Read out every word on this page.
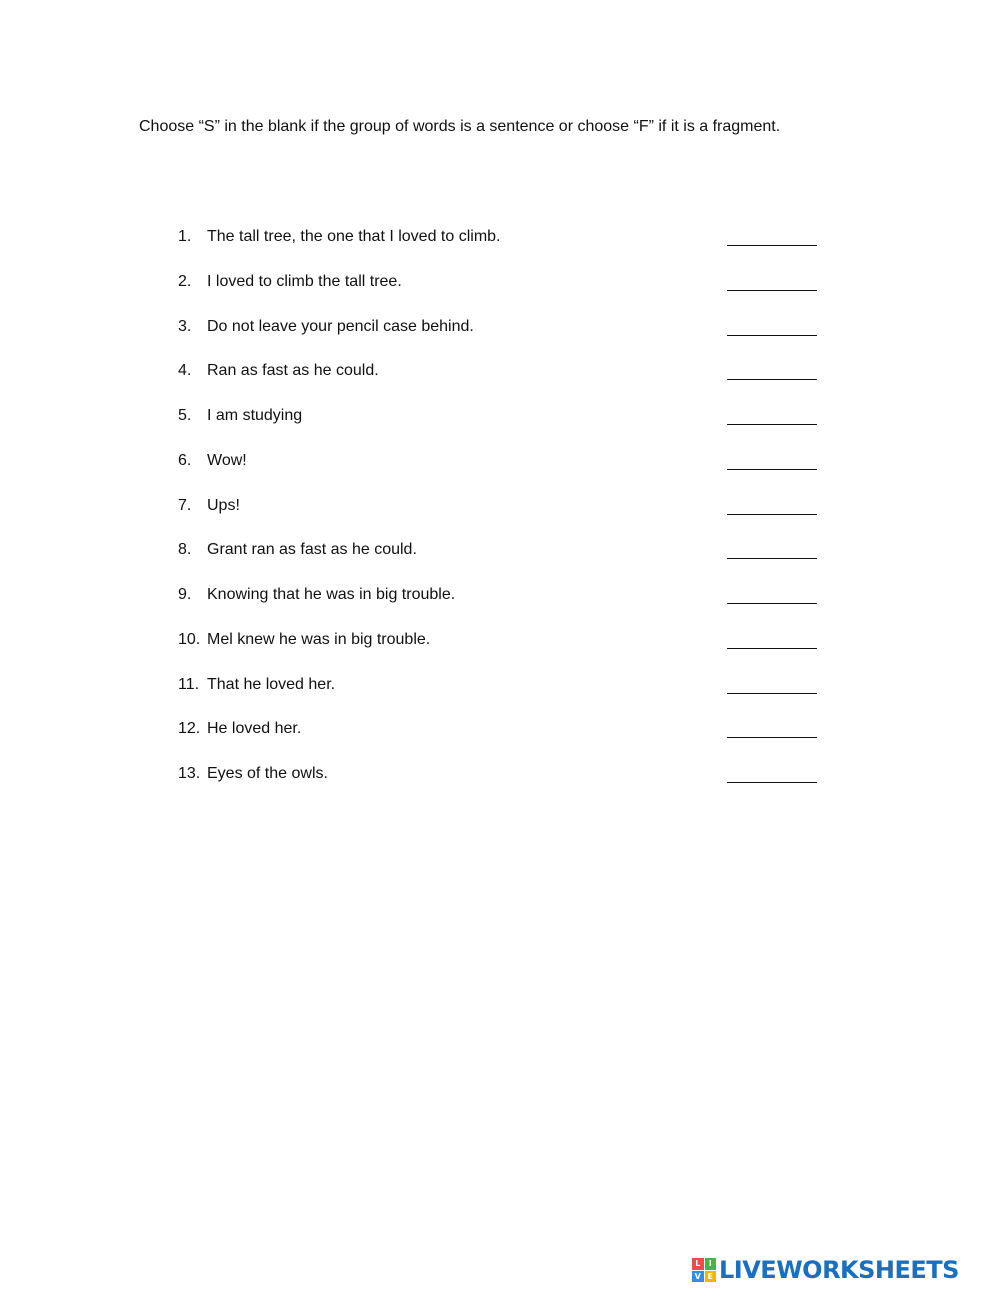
Choose “S” in the blank if the group of words is a sentence or choose “F” if it is a fragment.
1. The tall tree, the one that I loved to climb.
2. I loved to climb the tall tree.
3. Do not leave your pencil case behind.
4. Ran as fast as he could.
5. I am studying
6. Wow!
7. Ups!
8. Grant ran as fast as he could.
9. Knowing that he was in big trouble.
10. Mel knew he was in big trouble.
11. That he loved her.
12. He loved her.
13. Eyes of the owls.
L	I
V E LIVEWORKSHEETS
